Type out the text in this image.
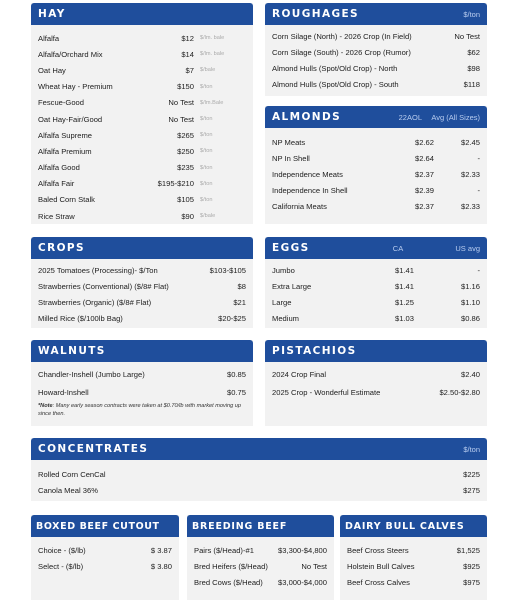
HAY
Alfalfa	$12	$/lm. bale
Alfalfa/Orchard Mix	$14	$/lm. bale
Oat Hay	$7	$/bale
Wheat Hay - Premium	$150	$/ton
Fescue-Good	No Test	$/lm.Bale
Oat Hay-Fair/Good	No Test	$/ton
Alfalfa Supreme	$265	$/ton
Alfalfa Premium	$250	$/ton
Alfalfa Good	$235	$/ton
Alfalfa Fair	$195-$210	$/ton
Baled Corn Stalk	$105	$/ton
Rice Straw	$90	$/bale
ROUGHAGES	$/ton
Corn Silage (North) - 2026 Crop (In Field)	No Test
Corn Silage (South) - 2026 Crop (Rumor)	$62
Almond Hulls (Spot/Old Crop) - North	$98
Almond Hulls (Spot/Old Crop) - South	$118
ALMONDS	22AOL	Avg (All Sizes)
NP Meats	$2.62	$2.45
NP In Shell	$2.64	-
Independence Meats	$2.37	$2.33
Independence In Shell	$2.39	-
California Meats	$2.37	$2.33
CROPS
2025 Tomatoes (Processing)- $/Ton	$103-$105
Strawberries (Conventional) ($/8# Flat)	$8
Strawberries (Organic) ($/8# Flat)	$21
Milled Rice ($/100lb Bag)	$20-$25
EGGS	CA	US avg
Jumbo	$1.41	-
Extra Large	$1.41	$1.16
Large	$1.25	$1.10
Medium	$1.03	$0.86
WALNUTS
Chandler-Inshell (Jumbo Large)	$0.85
Howard-Inshell	$0.75
*Note: Many early season contracts were taken at $0.70/lb with market moving up since then.
PISTACHIOS
2024 Crop Final	$2.40
2025 Crop - Wonderful Estimate	$2.50-$2.80
CONCENTRATES	$/ton
Rolled Corn CenCal	$225
Canola Meal 36%	$275
BOXED BEEF CUTOUT
Choice - ($/lb)	$ 3.87
Select - ($/lb)	$ 3.80
BREEDING BEEF
Pairs ($/Head)-#1	$3,300-$4,800
Bred Heifers ($/Head)	No Test
Bred Cows ($/Head)	$3,000-$4,000
DAIRY BULL CALVES
Beef Cross Steers	$1,525
Holstein Bull Calves	$925
Beef Cross Calves	$975
